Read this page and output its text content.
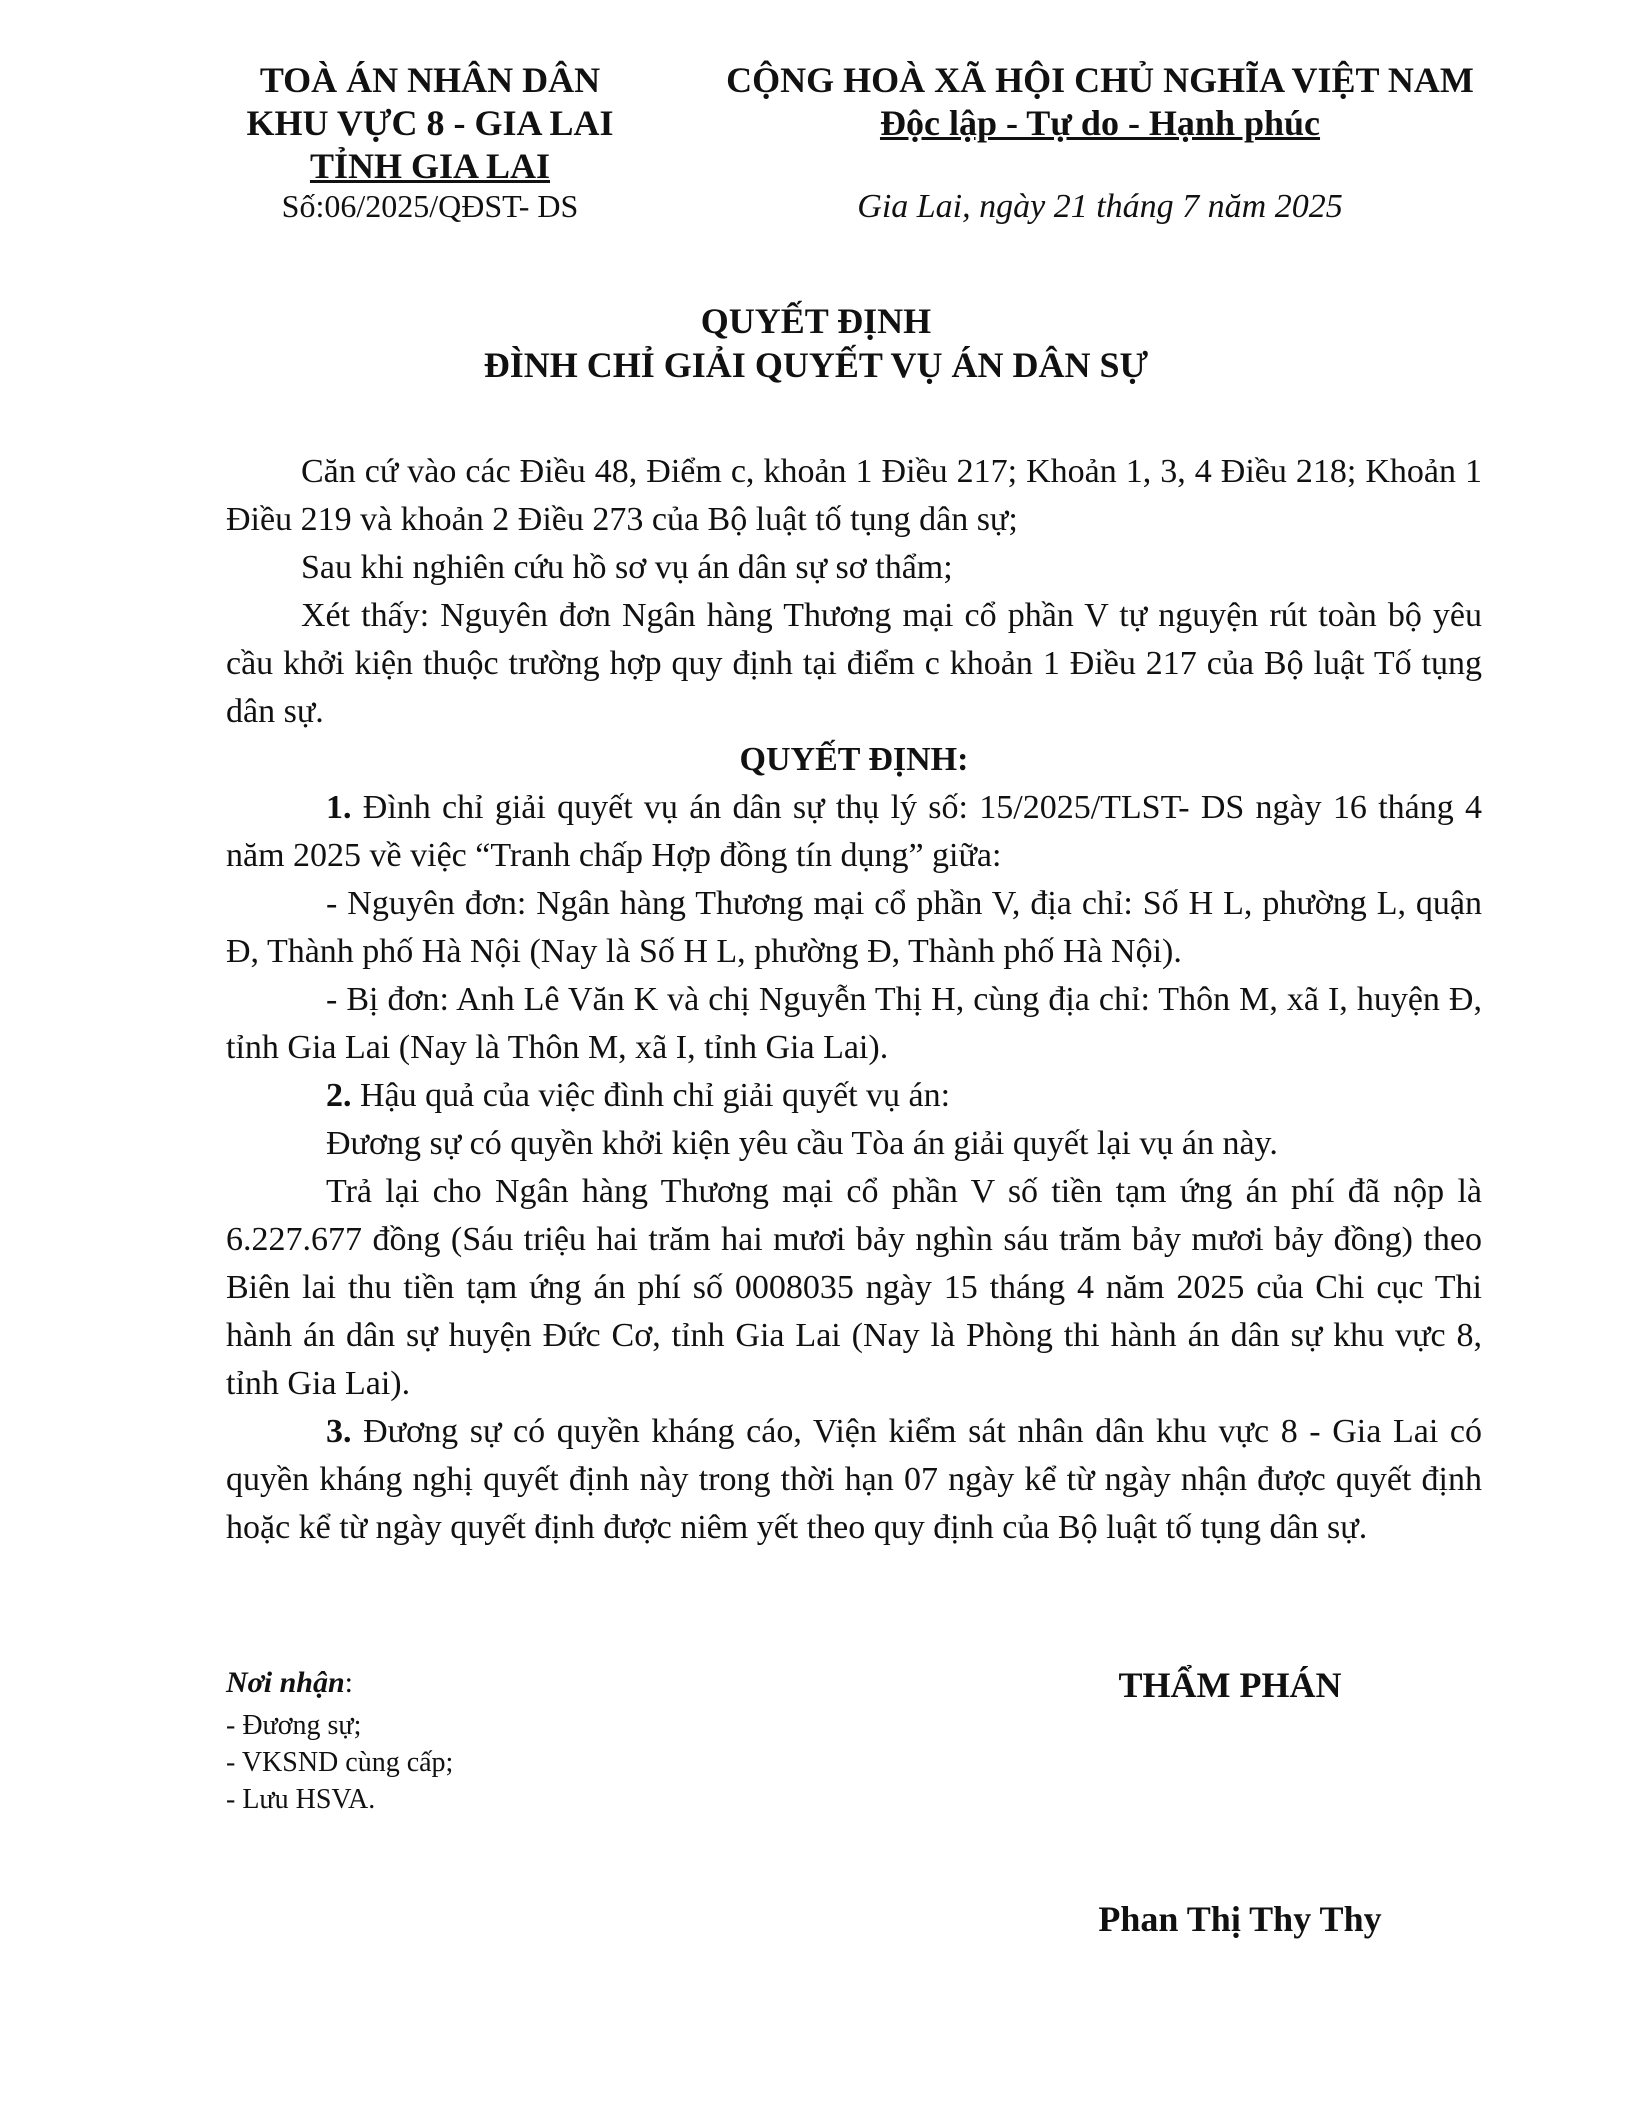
TOÀ ÁN NHÂN DÂN
KHU VỰC 8 - GIA LAI
TỈNH GIA LAI
Số:06/2025/QĐST- DS
CỘNG HOÀ XÃ HỘI CHỦ NGHĨA VIỆT NAM
Độc lập - Tự do - Hạnh phúc
Gia Lai, ngày 21 tháng 7 năm 2025
QUYẾT ĐỊNH
ĐÌNH CHỈ GIẢI QUYẾT VỤ ÁN DÂN SỰ

Căn cứ vào các Điều 48, Điểm c, khoản 1 Điều 217; Khoản 1, 3, 4 Điều 218; Khoản 1 Điều 219 và khoản 2 Điều 273 của Bộ luật tố tụng dân sự;

Sau khi nghiên cứu hồ sơ vụ án dân sự sơ thẩm;

Xét thấy: Nguyên đơn Ngân hàng Thương mại cổ phần V tự nguyện rút toàn bộ yêu cầu khởi kiện thuộc trường hợp quy định tại điểm c khoản 1 Điều 217 của Bộ luật Tố tụng dân sự.

QUYẾT ĐỊNH:

1. Đình chỉ giải quyết vụ án dân sự thụ lý số: 15/2025/TLST- DS ngày 16 tháng 4 năm 2025 về việc “Tranh chấp Hợp đồng tín dụng” giữa:

- Nguyên đơn: Ngân hàng Thương mại cổ phần V, địa chỉ: Số H L, phường L, quận Đ, Thành phố Hà Nội (Nay là Số H L, phường Đ, Thành phố Hà Nội).

- Bị đơn: Anh Lê Văn K và chị Nguyễn Thị H, cùng địa chỉ: Thôn M, xã I, huyện Đ, tỉnh Gia Lai (Nay là Thôn M, xã I, tỉnh Gia Lai).

2. Hậu quả của việc đình chỉ giải quyết vụ án:

Đương sự có quyền khởi kiện yêu cầu Tòa án giải quyết lại vụ án này.

Trả lại cho Ngân hàng Thương mại cổ phần V số tiền tạm ứng án phí đã nộp là 6.227.677 đồng (Sáu triệu hai trăm hai mươi bảy nghìn sáu trăm bảy mươi bảy đồng) theo Biên lai thu tiền tạm ứng án phí số 0008035 ngày 15 tháng 4 năm 2025 của Chi cục Thi hành án dân sự huyện Đức Cơ, tỉnh Gia Lai (Nay là Phòng thi hành án dân sự khu vực 8, tỉnh Gia Lai).

3. Đương sự có quyền kháng cáo, Viện kiểm sát nhân dân khu vực 8 - Gia Lai có quyền kháng nghị quyết định này trong thời hạn 07 ngày kể từ ngày nhận được quyết định hoặc kể từ ngày quyết định được niêm yết theo quy định của Bộ luật tố tụng dân sự.

Nơi nhận:
- Đương sự;
- VKSND cùng cấp;
- Lưu HSVA.
THẨM PHÁN
Phan Thị Thy Thy
